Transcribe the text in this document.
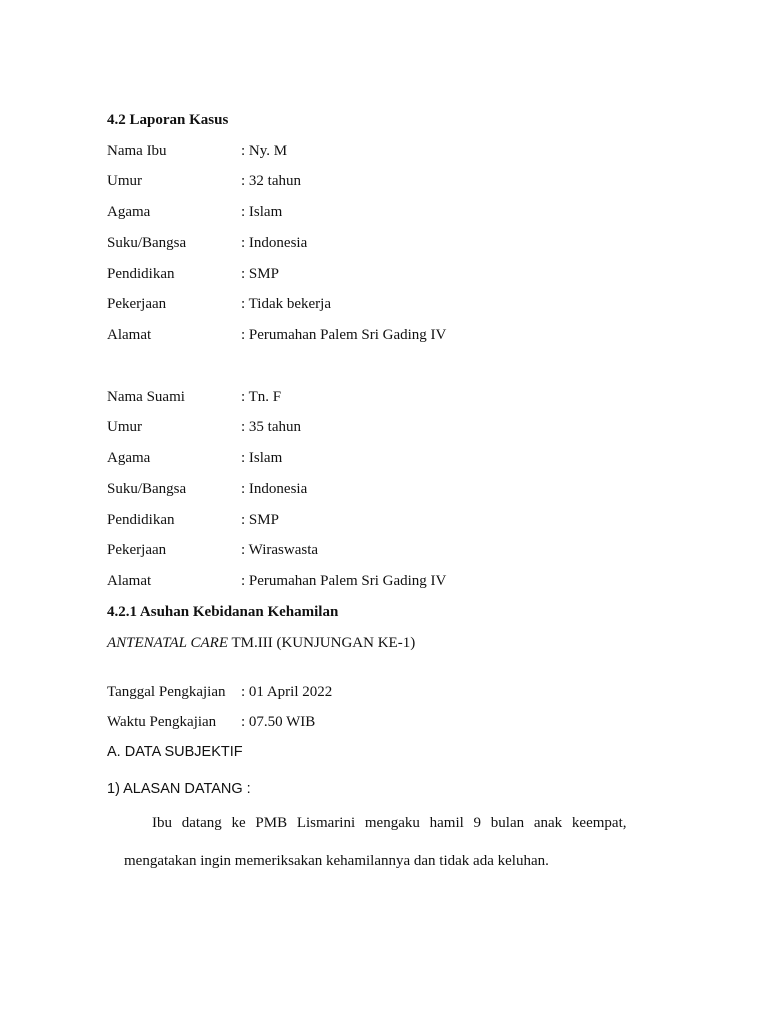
4.2 Laporan Kasus
Nama Ibu	: Ny. M
Umur	: 32 tahun
Agama	: Islam
Suku/Bangsa	: Indonesia
Pendidikan	: SMP
Pekerjaan	: Tidak bekerja
Alamat	: Perumahan Palem Sri Gading IV
Nama Suami	: Tn. F
Umur	: 35 tahun
Agama	: Islam
Suku/Bangsa	: Indonesia
Pendidikan	: SMP
Pekerjaan	: Wiraswasta
Alamat	: Perumahan Palem Sri Gading IV
4.2.1 Asuhan Kebidanan Kehamilan
ANTENATAL CARE TM.III (KUNJUNGAN KE-1)
Tanggal Pengkajian : 01 April 2022
Waktu Pengkajian : 07.50 WIB
A. DATA SUBJEKTIF
1) ALASAN DATANG :
Ibu datang ke PMB Lismarini mengaku hamil 9 bulan anak keempat,
mengatakan ingin memeriksakan kehamilannya dan tidak ada keluhan.
